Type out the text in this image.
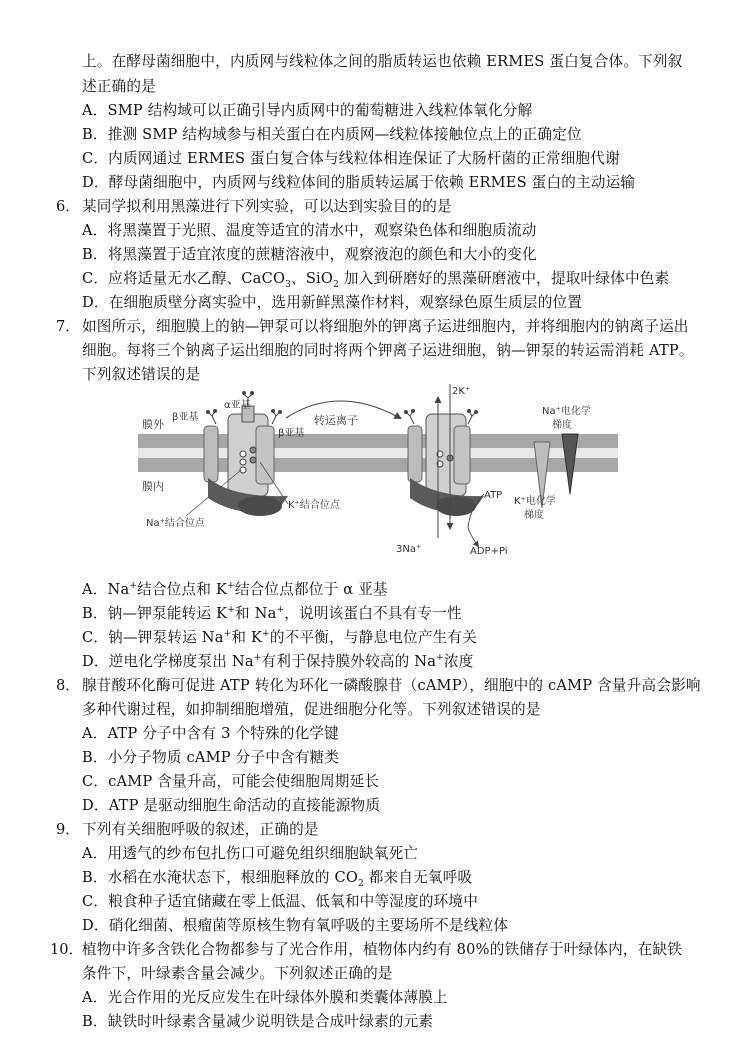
上。在酵母菌细胞中，内质网与线粒体之间的脂质转运也依赖 ERMES 蛋白复合体。下列叙
述正确的是
A．SMP 结构域可以正确引导内质网中的葡萄糖进入线粒体氧化分解
B．推测 SMP 结构域参与相关蛋白在内质网—线粒体接触位点上的正确定位
C．内质网通过 ERMES 蛋白复合体与线粒体相连保证了大肠杆菌的正常细胞代谢
D．酵母菌细胞中，内质网与线粒体间的脂质转运属于依赖 ERMES 蛋白的主动运输
6． 某同学拟利用黑藻进行下列实验，可以达到实验目的的是
A．将黑藻置于光照、温度等适宜的清水中，观察染色体和细胞质流动
B．将黑藻置于适宜浓度的蔗糖溶液中，观察液泡的颜色和大小的变化
C．应将适量无水乙醇、CaCO$_3$、SiO$_2$ 加入到研磨好的黑藻研磨液中，提取叶绿体中色素
D．在细胞质壁分离实验中，选用新鲜黑藻作材料，观察绿色原生质层的位置
7． 如图所示，细胞膜上的钠—钾泵可以将细胞外的钾离子运进细胞内，并将细胞内的钠离子运出
细胞。每将三个钠离子运出细胞的同时将两个钾离子运进细胞，钠—钾泵的转运需消耗 ATP。
下列叙述错误的是
膜外
膜内
α亚基
β亚基
β亚基
K⁺结合位点
Na⁺结合位点
转运离子
2K⁺
3Na⁺
ATP
ADP+Pi
Na⁺电化学
梯度
K⁺电化学
梯度
A．Na+结合位点和 K+结合位点都位于 α 亚基
B．钠—钾泵能转运 K+和 Na+，说明该蛋白不具有专一性
C．钠—钾泵转运 Na+和 K+的不平衡，与静息电位产生有关
D．逆电化学梯度泵出 Na+有利于保持膜外较高的 Na+浓度
8． 腺苷酸环化酶可促进 ATP 转化为环化一磷酸腺苷（cAMP），细胞中的 cAMP 含量升高会影响
多种代谢过程，如抑制细胞增殖，促进细胞分化等。下列叙述错误的是
A．ATP 分子中含有 3 个特殊的化学键
B．小分子物质 cAMP 分子中含有糖类
C．cAMP 含量升高，可能会使细胞周期延长
D．ATP 是驱动细胞生命活动的直接能源物质
9． 下列有关细胞呼吸的叙述，正确的是
A．用透气的纱布包扎伤口可避免组织细胞缺氧死亡
B．水稻在水淹状态下，根细胞释放的 $CO_2$ 都来自无氧呼吸
C．粮食种子适宜储藏在零上低温、低氧和中等湿度的环境中
D．硝化细菌、根瘤菌等原核生物有氧呼吸的主要场所不是线粒体
10．
植物中许多含铁化合物都参与了光合作用，植物体内约有 80%的铁储存于叶绿体内，在缺铁
条件下，叶绿素含量会减少。下列叙述正确的是
A．光合作用的光反应发生在叶绿体外膜和类囊体薄膜上
B．缺铁时叶绿素含量减少说明铁是合成叶绿素的元素
